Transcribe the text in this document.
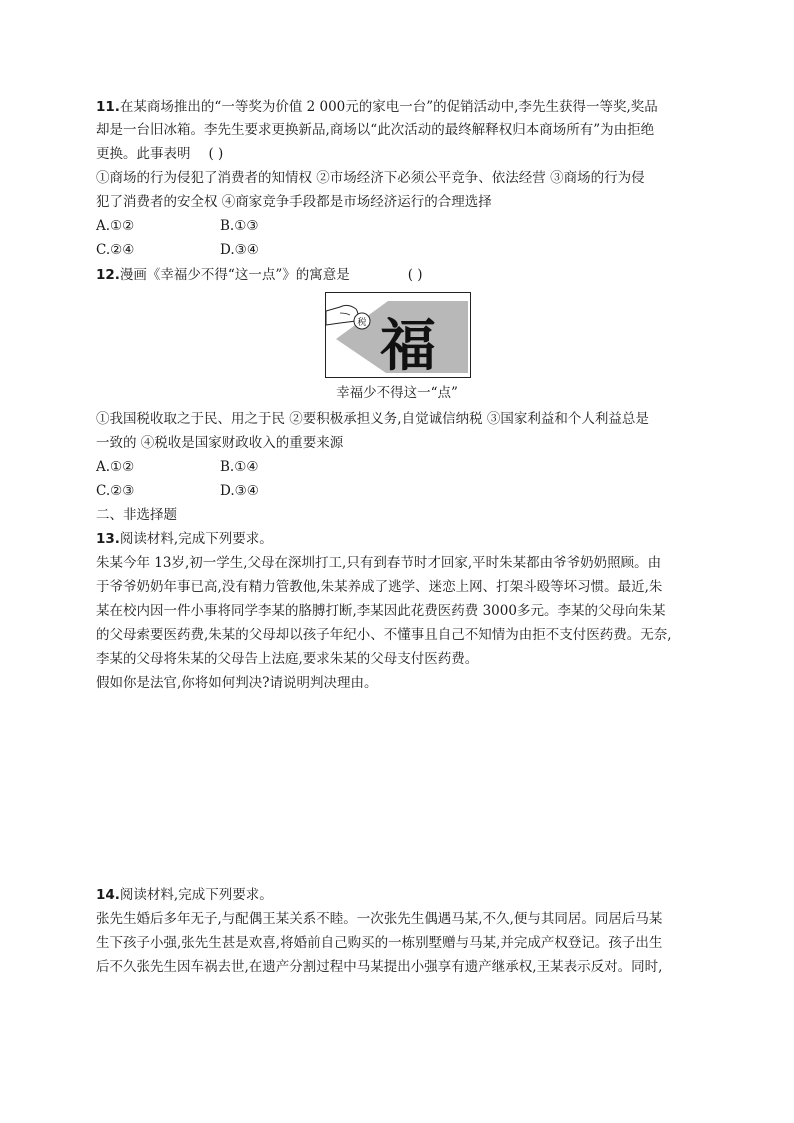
11.在某商场推出的“一等奖为价值 2 000元的家电一台”的促销活动中,李先生获得一等奖,奖品
却是一台旧冰箱。李先生要求更换新品,商场以“此次活动的最终解释权归本商场所有”为由拒绝
更换。此事表明 ( )
①商场的行为侵犯了消费者的知情权 ②市场经济下必须公平竞争、依法经营 ③商场的行为侵
犯了消费者的安全权 ④商家竞争手段都是市场经济运行的合理选择
A.①②	B.①③
C.②④	D.③④
12.漫画《幸福少不得“这一点”》的寓意是	( )
税 福
幸福少不得这一“点”
①我国税收取之于民、用之于民 ②要积极承担义务,自觉诚信纳税 ③国家利益和个人利益总是
一致的 ④税收是国家财政收入的重要来源
A.①②	B.①④
C.②③	D.③④
二、非选择题
13.阅读材料,完成下列要求。
朱某今年 13岁,初一学生,父母在深圳打工,只有到春节时才回家,平时朱某都由爷爷奶奶照顾。由
于爷爷奶奶年事已高,没有精力管教他,朱某养成了逃学、迷恋上网、打架斗殴等坏习惯。最近,朱
某在校内因一件小事将同学李某的胳膊打断,李某因此花费医药费 3000多元。李某的父母向朱某
的父母索要医药费,朱某的父母却以孩子年纪小、不懂事且自己不知情为由拒不支付医药费。无奈,
李某的父母将朱某的父母告上法庭,要求朱某的父母支付医药费。
假如你是法官,你将如何判决?请说明判决理由。
14.阅读材料,完成下列要求。
张先生婚后多年无子,与配偶王某关系不睦。一次张先生偶遇马某,不久,便与其同居。同居后马某
生下孩子小强,张先生甚是欢喜,将婚前自己购买的一栋别墅赠与马某,并完成产权登记。孩子出生
后不久张先生因车祸去世,在遗产分割过程中马某提出小强享有遗产继承权,王某表示反对。同时,
